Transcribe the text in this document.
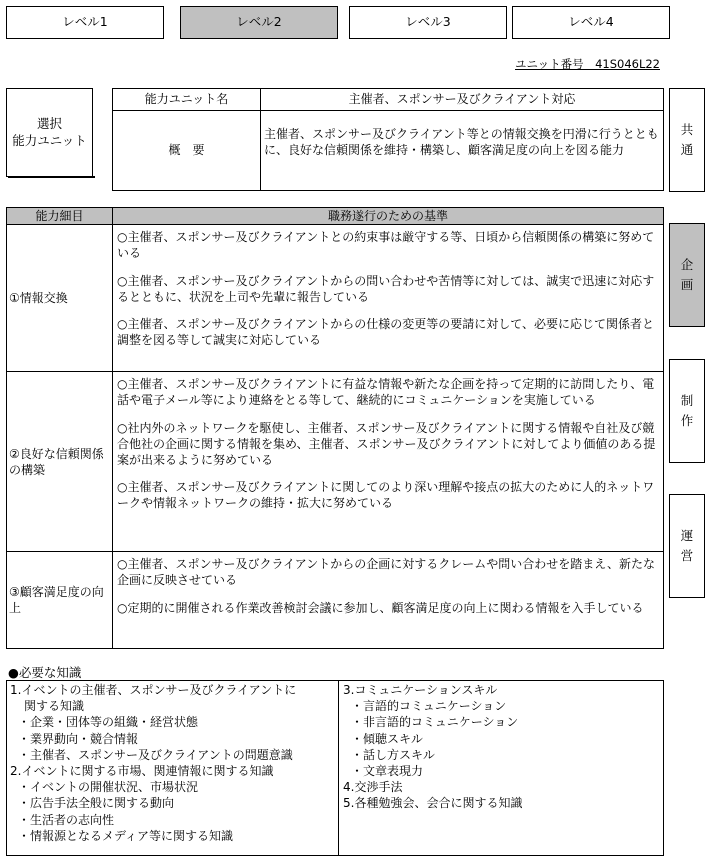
レベル1	レベル2	レベル3	レベル4
ユニット番号　41S046L22
選択
能力ユニット
能力ユニット名	主催者、スポンサー及びクライアント対応
概　要	主催者、スポンサー及びクライアント等との情報交換を円滑に行うとともに、良好な信頼関係を維持・構築し、顧客満足度の向上を図る能力
共通
企画
制作
運営
能力細目	職務遂行のための基準
①情報交換	○主催者、スポンサー及びクライアントとの約束事は厳守する等、日頃から信頼関係の構築に努めている

○主催者、スポンサー及びクライアントからの問い合わせや苦情等に対しては、誠実で迅速に対応するとともに、状況を上司や先輩に報告している

○主催者、スポンサー及びクライアントからの仕様の変更等の要請に対して、必要に応じて関係者と調整を図る等して誠実に対応している

②良好な信頼関係の構築	○主催者、スポンサー及びクライアントに有益な情報や新たな企画を持って定期的に訪問したり、電話や電子メール等により連絡をとる等して、継続的にコミュニケーションを実施している

○社内外のネットワークを駆使し、主催者、スポンサー及びクライアントに関する情報や自社及び競合他社の企画に関する情報を集め、主催者、スポンサー及びクライアントに対してより価値のある提案が出来るように努めている

○主催者、スポンサー及びクライアントに関してのより深い理解や接点の拡大のために人的ネットワークや情報ネットワークの維持・拡大に努めている

③顧客満足度の向上	○主催者、スポンサー及びクライアントからの企画に対するクレームや問い合わせを踏まえ、新たな企画に反映させている

○定期的に開催される作業改善検討会議に参加し、顧客満足度の向上に関わる情報を入手している

●必要な知識
1.イベントの主催者、スポンサー及びクライアントに
関する知識
・企業・団体等の組織・経営状態
・業界動向・競合情報
・主催者、スポンサー及びクライアントの問題意識
2.イベントに関する市場、関連情報に関する知識
・イベントの開催状況、市場状況
・広告手法全般に関する動向
・生活者の志向性
・情報源となるメディア等に関する知識
3.コミュニケーションスキル
・言語的コミュニケーション
・非言語的コミュニケーション
・傾聴スキル
・話し方スキル
・文章表現力
4.交渉手法
5.各種勉強会、会合に関する知識
